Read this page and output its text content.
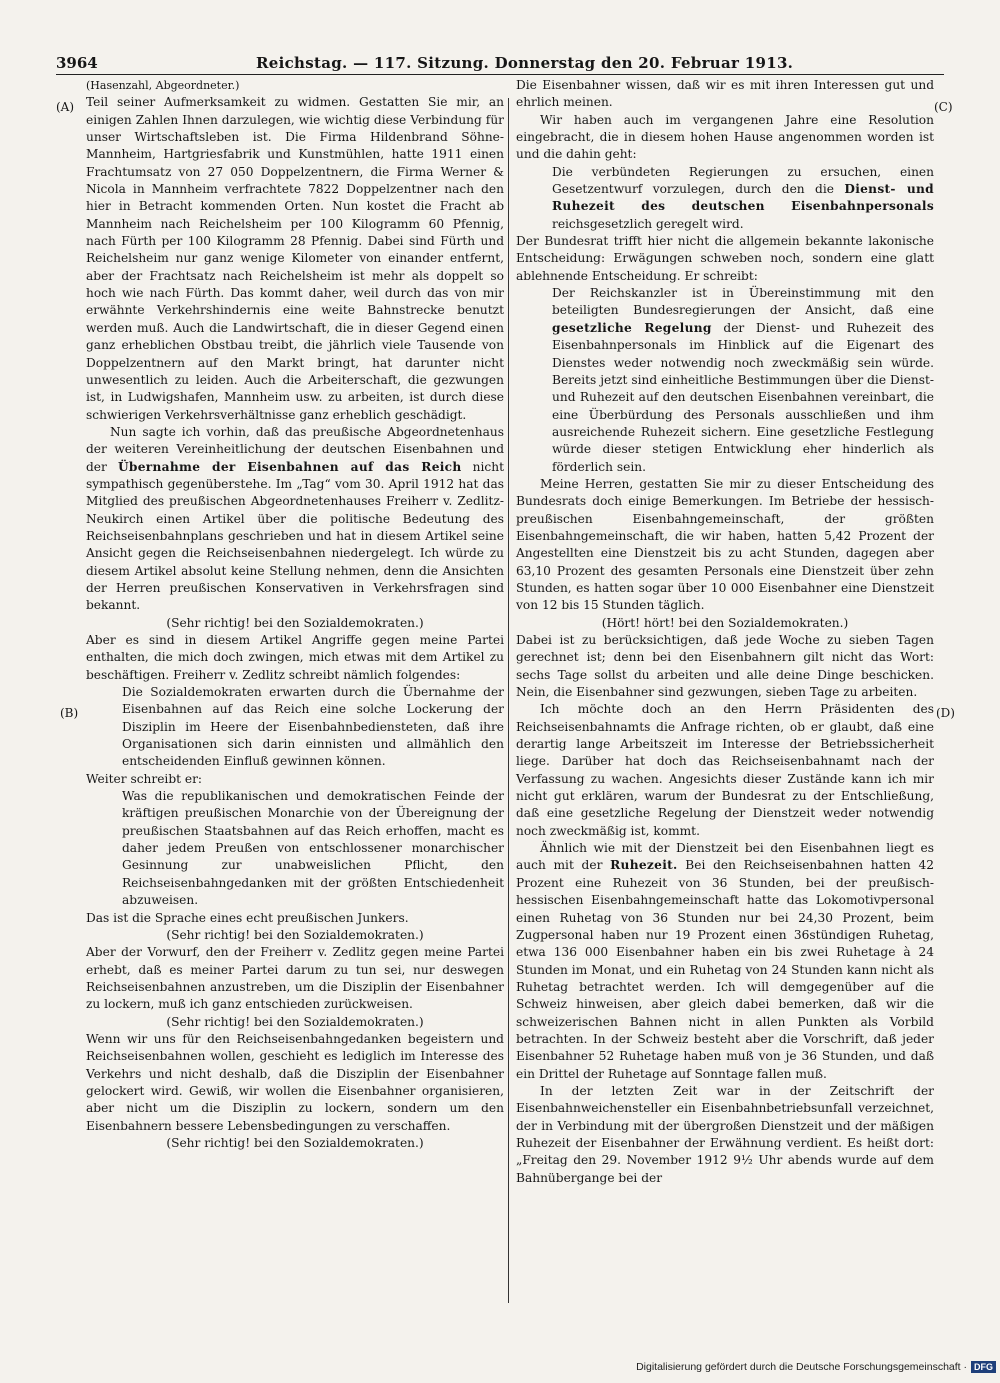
3964	Reichstag. — 117. Sitzung. Donnerstag den 20. Februar 1913.
(A)
(B)
(C)
(D)

(Hasenzahl, Abgeordneter.)

Teil seiner Aufmerksamkeit zu widmen. Gestatten Sie mir, an einigen Zahlen Ihnen darzulegen, wie wichtig diese Verbindung für unser Wirtschaftsleben ist. Die Firma Hildenbrand Söhne-Mannheim, Hartgriesfabrik und Kunstmühlen, hatte 1911 einen Frachtumsatz von 27 050 Doppelzentnern, die Firma Werner & Nicola in Mannheim verfrachtete 7822 Doppelzentner nach den hier in Betracht kommenden Orten. Nun kostet die Fracht ab Mannheim nach Reichelsheim per 100 Kilogramm 60 Pfennig, nach Fürth per 100 Kilogramm 28 Pfennig. Dabei sind Fürth und Reichelsheim nur ganz wenige Kilometer von einander entfernt, aber der Frachtsatz nach Reichelsheim ist mehr als doppelt so hoch wie nach Fürth. Das kommt daher, weil durch das von mir erwähnte Verkehrshindernis eine weite Bahnstrecke benutzt werden muß. Auch die Landwirtschaft, die in dieser Gegend einen ganz erheblichen Obstbau treibt, die jährlich viele Tausende von Doppelzentnern auf den Markt bringt, hat darunter nicht unwesentlich zu leiden. Auch die Arbeiterschaft, die gezwungen ist, in Ludwigshafen, Mannheim usw. zu arbeiten, ist durch diese schwierigen Verkehrsverhältnisse ganz erheblich geschädigt.

Nun sagte ich vorhin, daß das preußische Abgeordnetenhaus der weiteren Vereinheitlichung der deutschen Eisenbahnen und der Übernahme der Eisenbahnen auf das Reich nicht sympathisch gegenüberstehe. Im „Tag“ vom 30. April 1912 hat das Mitglied des preußischen Abgeordnetenhauses Freiherr v. Zedlitz-Neukirch einen Artikel über die politische Bedeutung des Reichseisenbahnplans geschrieben und hat in diesem Artikel seine Ansicht gegen die Reichseisenbahnen niedergelegt. Ich würde zu diesem Artikel absolut keine Stellung nehmen, denn die Ansichten der Herren preußischen Konservativen in Verkehrsfragen sind bekannt.

(Sehr richtig! bei den Sozialdemokraten.)

Aber es sind in diesem Artikel Angriffe gegen meine Partei enthalten, die mich doch zwingen, mich etwas mit dem Artikel zu beschäftigen. Freiherr v. Zedlitz schreibt nämlich folgendes:

Die Sozialdemokraten erwarten durch die Übernahme der Eisenbahnen auf das Reich eine solche Lockerung der Disziplin im Heere der Eisenbahnbediensteten, daß ihre Organisationen sich darin einnisten und allmählich den entscheidenden Einfluß gewinnen können.

Weiter schreibt er:

Was die republikanischen und demokratischen Feinde der kräftigen preußischen Monarchie von der Übereignung der preußischen Staatsbahnen auf das Reich erhoffen, macht es daher jedem Preußen von entschlossener monarchischer Gesinnung zur unabweislichen Pflicht, den Reichseisenbahngedanken mit der größten Entschiedenheit abzuweisen.

Das ist die Sprache eines echt preußischen Junkers.

(Sehr richtig! bei den Sozialdemokraten.)

Aber der Vorwurf, den der Freiherr v. Zedlitz gegen meine Partei erhebt, daß es meiner Partei darum zu tun sei, nur deswegen Reichseisenbahnen anzustreben, um die Disziplin der Eisenbahner zu lockern, muß ich ganz entschieden zurückweisen.

(Sehr richtig! bei den Sozialdemokraten.)

Wenn wir uns für den Reichseisenbahngedanken begeistern und Reichseisenbahnen wollen, geschieht es lediglich im Interesse des Verkehrs und nicht deshalb, daß die Disziplin der Eisenbahner gelockert wird. Gewiß, wir wollen die Eisenbahner organisieren, aber nicht um die Disziplin zu lockern, sondern um den Eisenbahnern bessere Lebensbedingungen zu verschaffen.

(Sehr richtig! bei den Sozialdemokraten.)

Die Eisenbahner wissen, daß wir es mit ihren Interessen gut und ehrlich meinen.

Wir haben auch im vergangenen Jahre eine Resolution eingebracht, die in diesem hohen Hause angenommen worden ist und die dahin geht:

Die verbündeten Regierungen zu ersuchen, einen Gesetzentwurf vorzulegen, durch den die Dienst- und Ruhezeit des deutschen Eisenbahnpersonals reichsgesetzlich geregelt wird.

Der Bundesrat trifft hier nicht die allgemein bekannte lakonische Entscheidung: Erwägungen schweben noch, sondern eine glatt ablehnende Entscheidung. Er schreibt:

Der Reichskanzler ist in Übereinstimmung mit den beteiligten Bundesregierungen der Ansicht, daß eine gesetzliche Regelung der Dienst- und Ruhezeit des Eisenbahnpersonals im Hinblick auf die Eigenart des Dienstes weder notwendig noch zweckmäßig sein würde. Bereits jetzt sind einheitliche Bestimmungen über die Dienst- und Ruhezeit auf den deutschen Eisenbahnen vereinbart, die eine Überbürdung des Personals ausschließen und ihm ausreichende Ruhezeit sichern. Eine gesetzliche Festlegung würde dieser stetigen Entwicklung eher hinderlich als förderlich sein.

Meine Herren, gestatten Sie mir zu dieser Entscheidung des Bundesrats doch einige Bemerkungen. Im Betriebe der hessisch-preußischen Eisenbahngemeinschaft, der größten Eisenbahngemeinschaft, die wir haben, hatten 5,42 Prozent der Angestellten eine Dienstzeit bis zu acht Stunden, dagegen aber 63,10 Prozent des gesamten Personals eine Dienstzeit über zehn Stunden, es hatten sogar über 10 000 Eisenbahner eine Dienstzeit von 12 bis 15 Stunden täglich.

(Hört! hört! bei den Sozialdemokraten.)

Dabei ist zu berücksichtigen, daß jede Woche zu sieben Tagen gerechnet ist; denn bei den Eisenbahnern gilt nicht das Wort: sechs Tage sollst du arbeiten und alle deine Dinge beschicken. Nein, die Eisenbahner sind gezwungen, sieben Tage zu arbeiten.

Ich möchte doch an den Herrn Präsidenten des Reichseisenbahnamts die Anfrage richten, ob er glaubt, daß eine derartig lange Arbeitszeit im Interesse der Betriebssicherheit liege. Darüber hat doch das Reichseisenbahnamt nach der Verfassung zu wachen. Angesichts dieser Zustände kann ich mir nicht gut erklären, warum der Bundesrat zu der Entschließung, daß eine gesetzliche Regelung der Dienstzeit weder notwendig noch zweckmäßig ist, kommt.

Ähnlich wie mit der Dienstzeit bei den Eisenbahnen liegt es auch mit der Ruhezeit. Bei den Reichseisenbahnen hatten 42 Prozent eine Ruhezeit von 36 Stunden, bei der preußisch-hessischen Eisenbahngemeinschaft hatte das Lokomotivpersonal einen Ruhetag von 36 Stunden nur bei 24,30 Prozent, beim Zugpersonal haben nur 19 Prozent einen 36stündigen Ruhetag, etwa 136 000 Eisenbahner haben ein bis zwei Ruhetage à 24 Stunden im Monat, und ein Ruhetag von 24 Stunden kann nicht als Ruhetag betrachtet werden. Ich will demgegenüber auf die Schweiz hinweisen, aber gleich dabei bemerken, daß wir die schweizerischen Bahnen nicht in allen Punkten als Vorbild betrachten. In der Schweiz besteht aber die Vorschrift, daß jeder Eisenbahner 52 Ruhetage haben muß von je 36 Stunden, und daß ein Drittel der Ruhetage auf Sonntage fallen muß.

In der letzten Zeit war in der Zeitschrift der Eisenbahnweichensteller ein Eisenbahnbetriebsunfall verzeichnet, der in Verbindung mit der übergroßen Dienstzeit und der mäßigen Ruhezeit der Eisenbahner der Erwähnung verdient. Es heißt dort: „Freitag den 29. November 1912 9½ Uhr abends wurde auf dem Bahnübergange bei der

Digitalisierung gefördert durch die Deutsche Forschungsgemeinschaft · DFG
